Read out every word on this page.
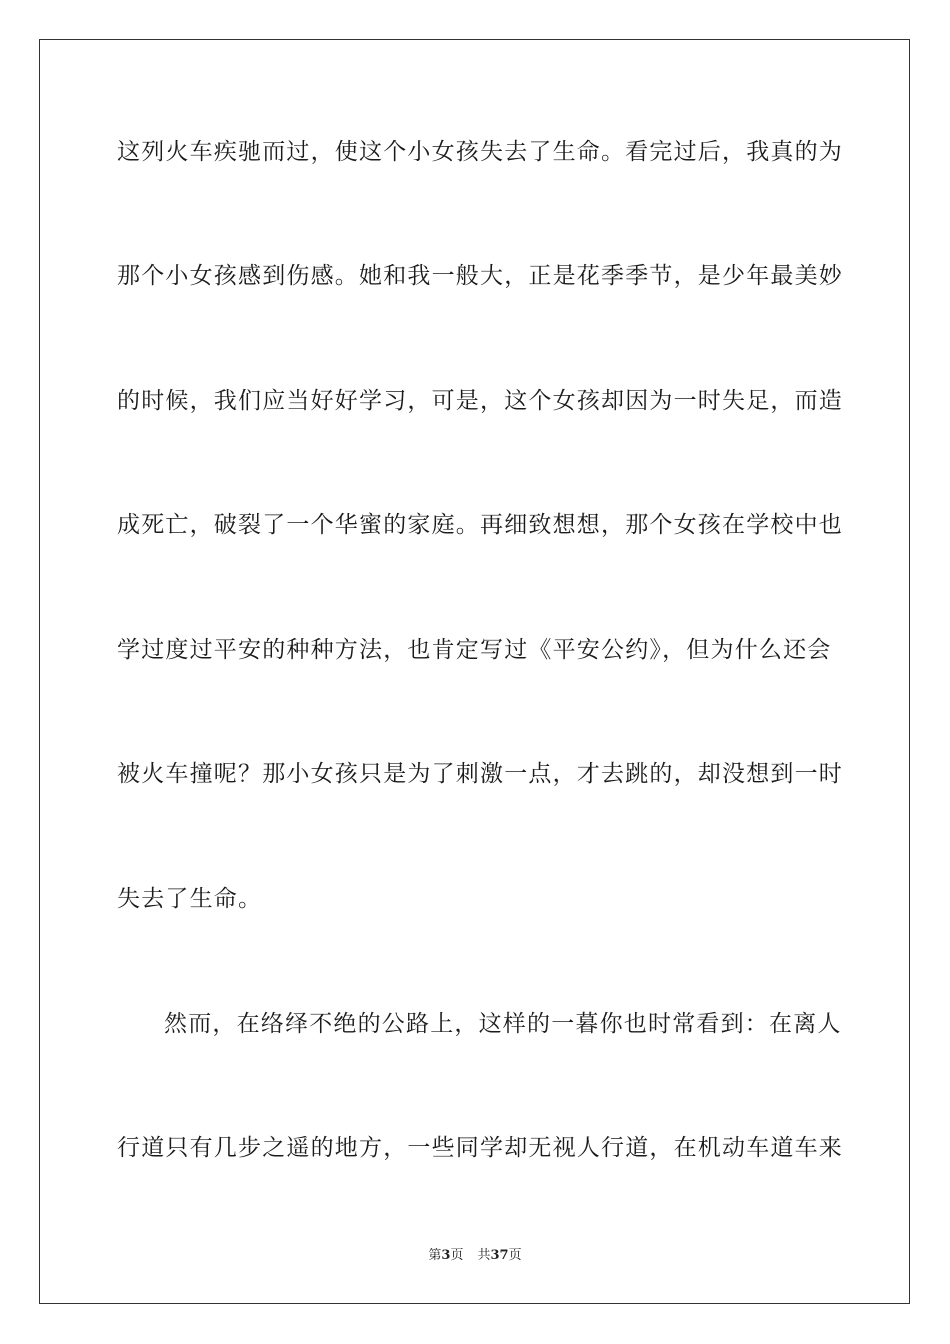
这列火车疾驰而过，使这个小女孩失去了生命。看完过后，我真的为
那个小女孩感到伤感。她和我一般大，正是花季季节，是少年最美妙
的时候，我们应当好好学习，可是，这个女孩却因为一时失足，而造
成死亡，破裂了一个华蜜的家庭。再细致想想，那个女孩在学校中也
学过度过平安的种种方法，也肯定写过《平安公约》，但为什么还会
被火车撞呢？那小女孩只是为了刺激一点，才去跳的，却没想到一时
失去了生命。
然而，在络绎不绝的公路上，这样的一暮你也时常看到：在离人
行道只有几步之遥的地方，一些同学却无视人行道，在机动车道车来
第3页 共37页
